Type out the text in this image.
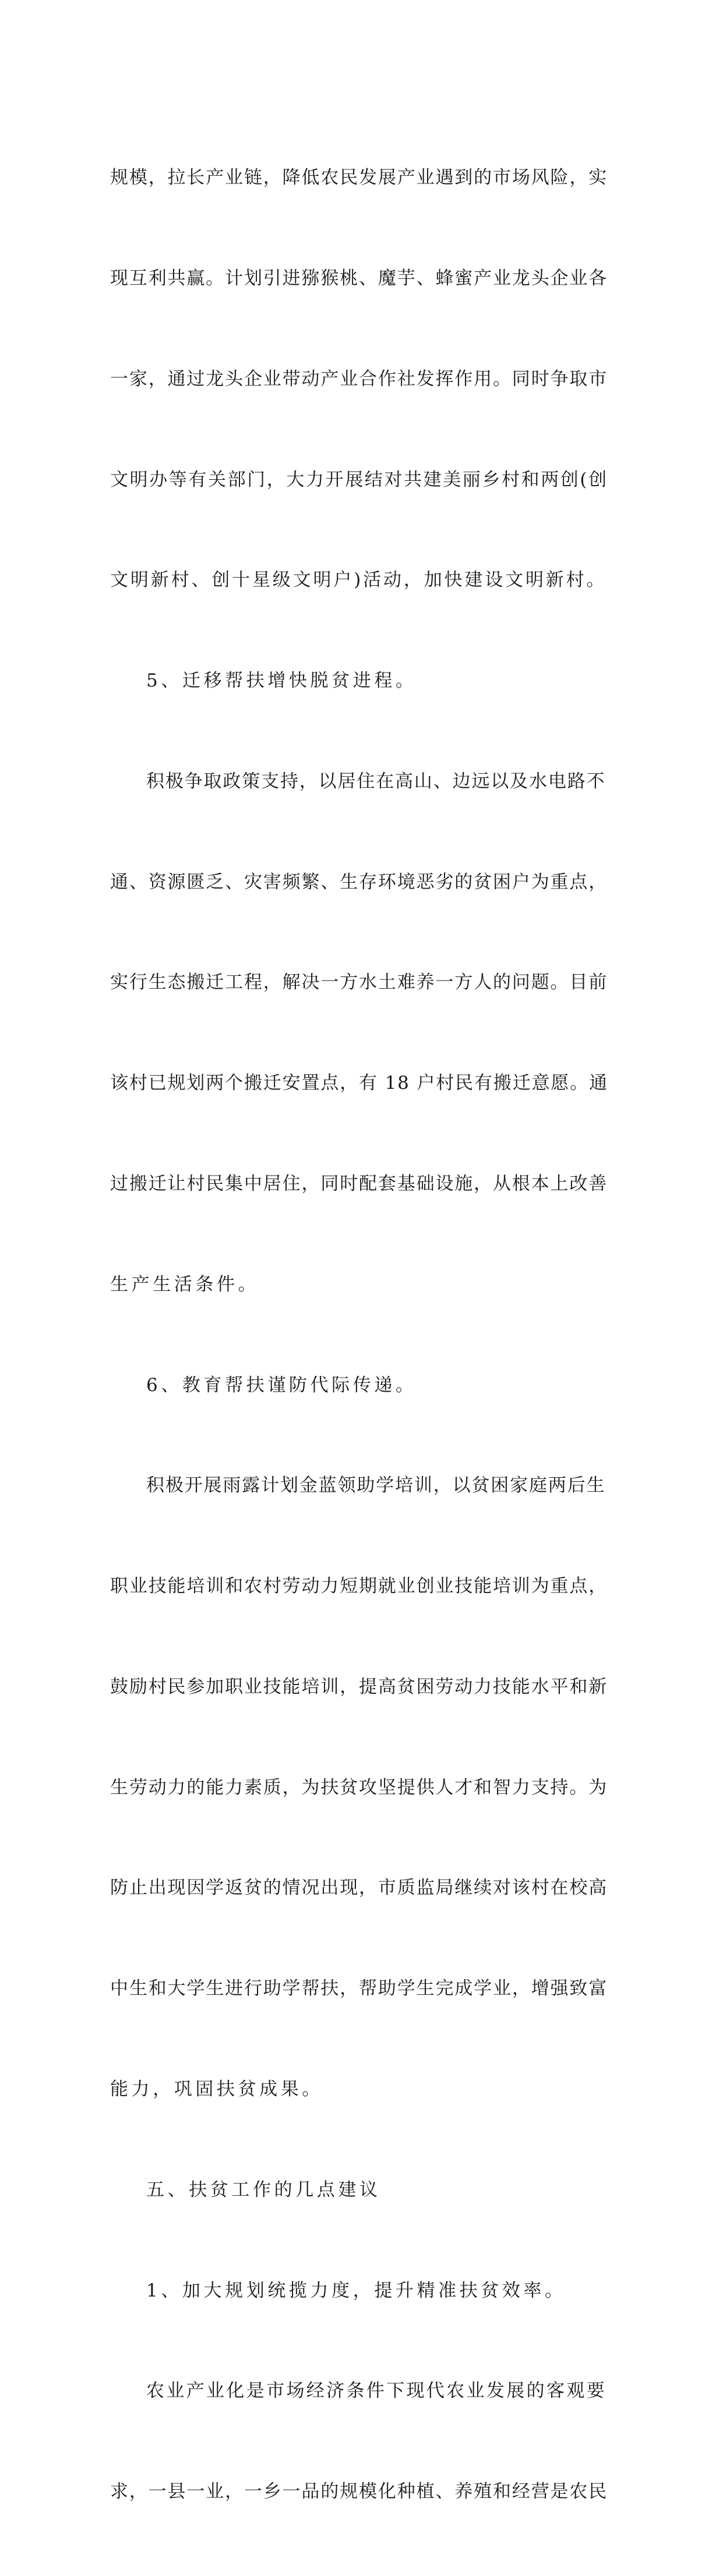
规模，拉长产业链，降低农民发展产业遇到的市场风险，实

现互利共赢。计划引进猕猴桃、魔芋、蜂蜜产业龙头企业各

一家，通过龙头企业带动产业合作社发挥作用。同时争取市

文明办等有关部门，大力开展结对共建美丽乡村和两创(创

文明新村、创十星级文明户)活动，加快建设文明新村。

5、迁移帮扶增快脱贫进程。

积极争取政策支持，以居住在高山、边远以及水电路不

通、资源匮乏、灾害频繁、生存环境恶劣的贫困户为重点，

实行生态搬迁工程，解决一方水土难养一方人的问题。目前

该村已规划两个搬迁安置点，有 18 户村民有搬迁意愿。通

过搬迁让村民集中居住，同时配套基础设施，从根本上改善

生产生活条件。

6、教育帮扶谨防代际传递。

积极开展雨露计划金蓝领助学培训，以贫困家庭两后生

职业技能培训和农村劳动力短期就业创业技能培训为重点，

鼓励村民参加职业技能培训，提高贫困劳动力技能水平和新

生劳动力的能力素质，为扶贫攻坚提供人才和智力支持。为

防止出现因学返贫的情况出现，市质监局继续对该村在校高

中生和大学生进行助学帮扶，帮助学生完成学业，增强致富

能力，巩固扶贫成果。

五、扶贫工作的几点建议

1、加大规划统揽力度，提升精准扶贫效率。

农业产业化是市场经济条件下现代农业发展的客观要

求，一县一业，一乡一品的规模化种植、养殖和经营是农民
